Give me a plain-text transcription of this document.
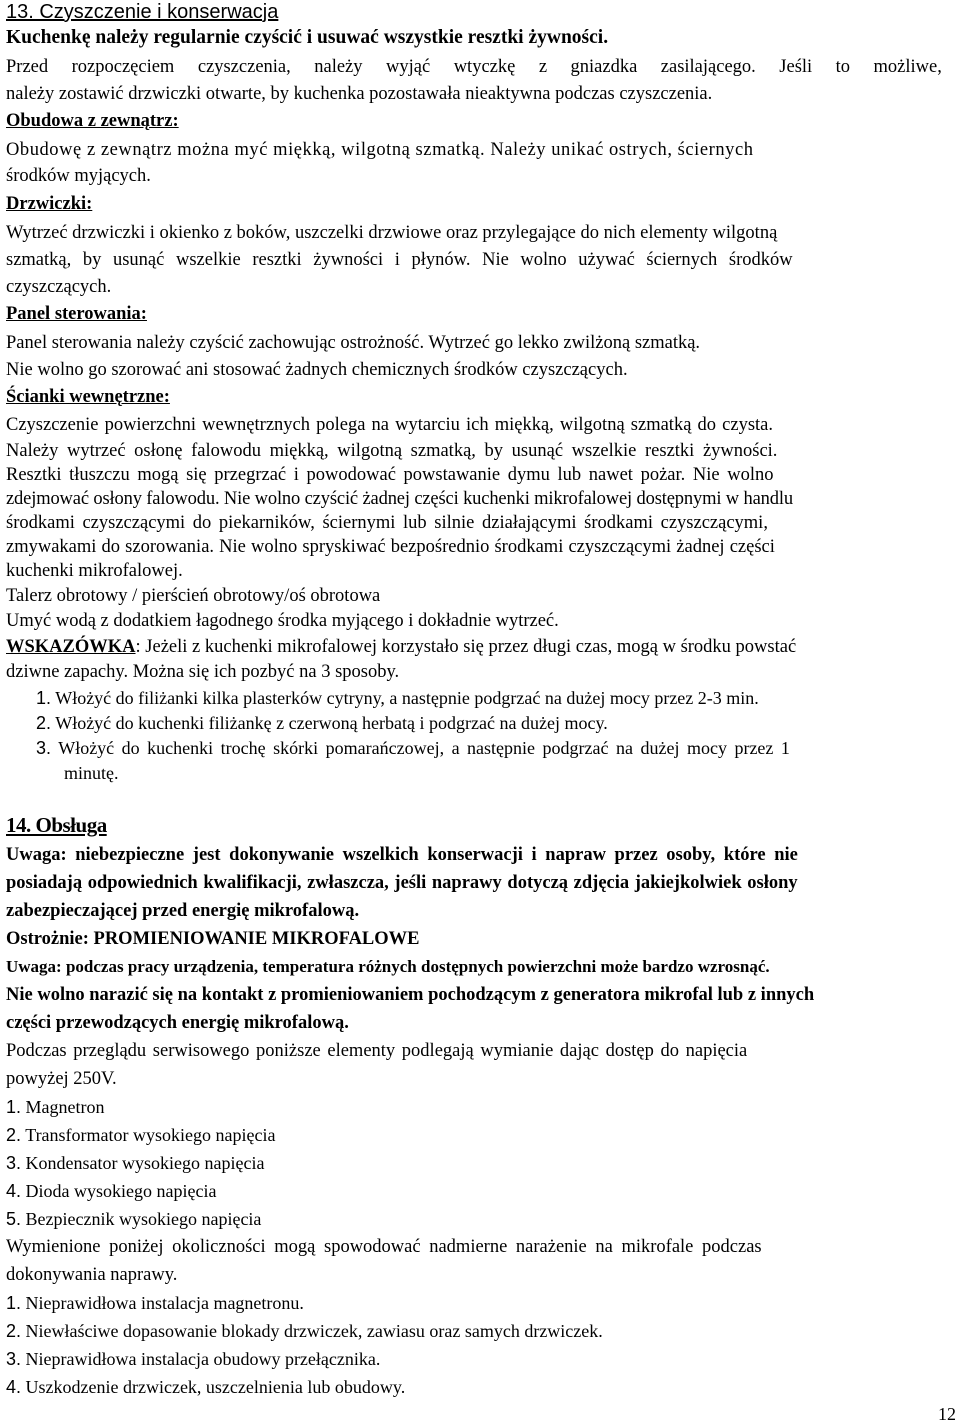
13. Czyszczenie i konserwacja
Kuchenkę należy regularnie czyścić i usuwać wszystkie resztki żywności.
Przed rozpoczęciem czyszczenia, należy wyjąć wtyczkę z gniazdka zasilającego. Jeśli to możliwe,
należy zostawić drzwiczki otwarte, by kuchenka pozostawała nieaktywna podczas czyszczenia.
Obudowa z zewnątrz:
Obudowę z zewnątrz można myć miękką, wilgotną szmatką. Należy unikać ostrych, ściernych
środków myjących.
Drzwiczki:
Wytrzeć drzwiczki i okienko z boków, uszczelki drzwiowe oraz przylegające do nich elementy wilgotną
szmatką, by usunąć wszelkie resztki żywności i płynów. Nie wolno używać ściernych środków
czyszczących.
Panel sterowania:
Panel sterowania należy czyścić zachowując ostrożność. Wytrzeć go lekko zwilżoną szmatką.
Nie wolno go szorować ani stosować żadnych chemicznych środków czyszczących.
Ścianki wewnętrzne:
Czyszczenie powierzchni wewnętrznych polega na wytarciu ich miękką, wilgotną szmatką do czysta.
Należy wytrzeć osłonę falowodu miękką, wilgotną szmatką, by usunąć wszelkie resztki żywności.
Resztki tłuszczu mogą się przegrzać i powodować powstawanie dymu lub nawet pożar. Nie wolno
zdejmować osłony falowodu. Nie wolno czyścić żadnej części kuchenki mikrofalowej dostępnymi w handlu
środkami czyszczącymi do piekarników, ściernymi lub silnie działającymi środkami czyszczącymi,
zmywakami do szorowania. Nie wolno spryskiwać bezpośrednio środkami czyszczącymi żadnej części
kuchenki mikrofalowej.
Talerz obrotowy / pierścień obrotowy/oś obrotowa
Umyć wodą z dodatkiem łagodnego środka myjącego i dokładnie wytrzeć.
WSKAZÓWKA: Jeżeli z kuchenki mikrofalowej korzystało się przez długi czas, mogą w środku powstać
dziwne zapachy. Można się ich pozbyć na 3 sposoby.
1. Włożyć do filiżanki kilka plasterków cytryny, a następnie podgrzać na dużej mocy przez 2-3 min.
2. Włożyć do kuchenki filiżankę z czerwoną herbatą i podgrzać na dużej mocy.
3. Włożyć do kuchenki trochę skórki pomarańczowej, a następnie podgrzać na dużej mocy przez 1
minutę.
14. Obsługa
Uwaga: niebezpieczne jest dokonywanie wszelkich konserwacji i napraw przez osoby, które nie
posiadają odpowiednich kwalifikacji, zwłaszcza, jeśli naprawy dotyczą zdjęcia jakiejkolwiek osłony
zabezpieczającej przed energię mikrofalową.
Ostrożnie: PROMIENIOWANIE MIKROFALOWE
Uwaga: podczas pracy urządzenia, temperatura różnych dostępnych powierzchni może bardzo wzrosnąć.
Nie wolno narazić się na kontakt z promieniowaniem pochodzącym z generatora mikrofal lub z innych
części przewodzących energię mikrofalową.
Podczas przeglądu serwisowego poniższe elementy podlegają wymianie dając dostęp do napięcia
powyżej 250V.
1. Magnetron
2. Transformator wysokiego napięcia
3. Kondensator wysokiego napięcia
4. Dioda wysokiego napięcia
5. Bezpiecznik wysokiego napięcia
Wymienione poniżej okoliczności mogą spowodować nadmierne narażenie na mikrofale podczas
dokonywania naprawy.
1. Nieprawidłowa instalacja magnetronu.
2. Niewłaściwe dopasowanie blokady drzwiczek, zawiasu oraz samych drzwiczek.
3. Nieprawidłowa instalacja obudowy przełącznika.
4. Uszkodzenie drzwiczek, uszczelnienia lub obudowy.
12
